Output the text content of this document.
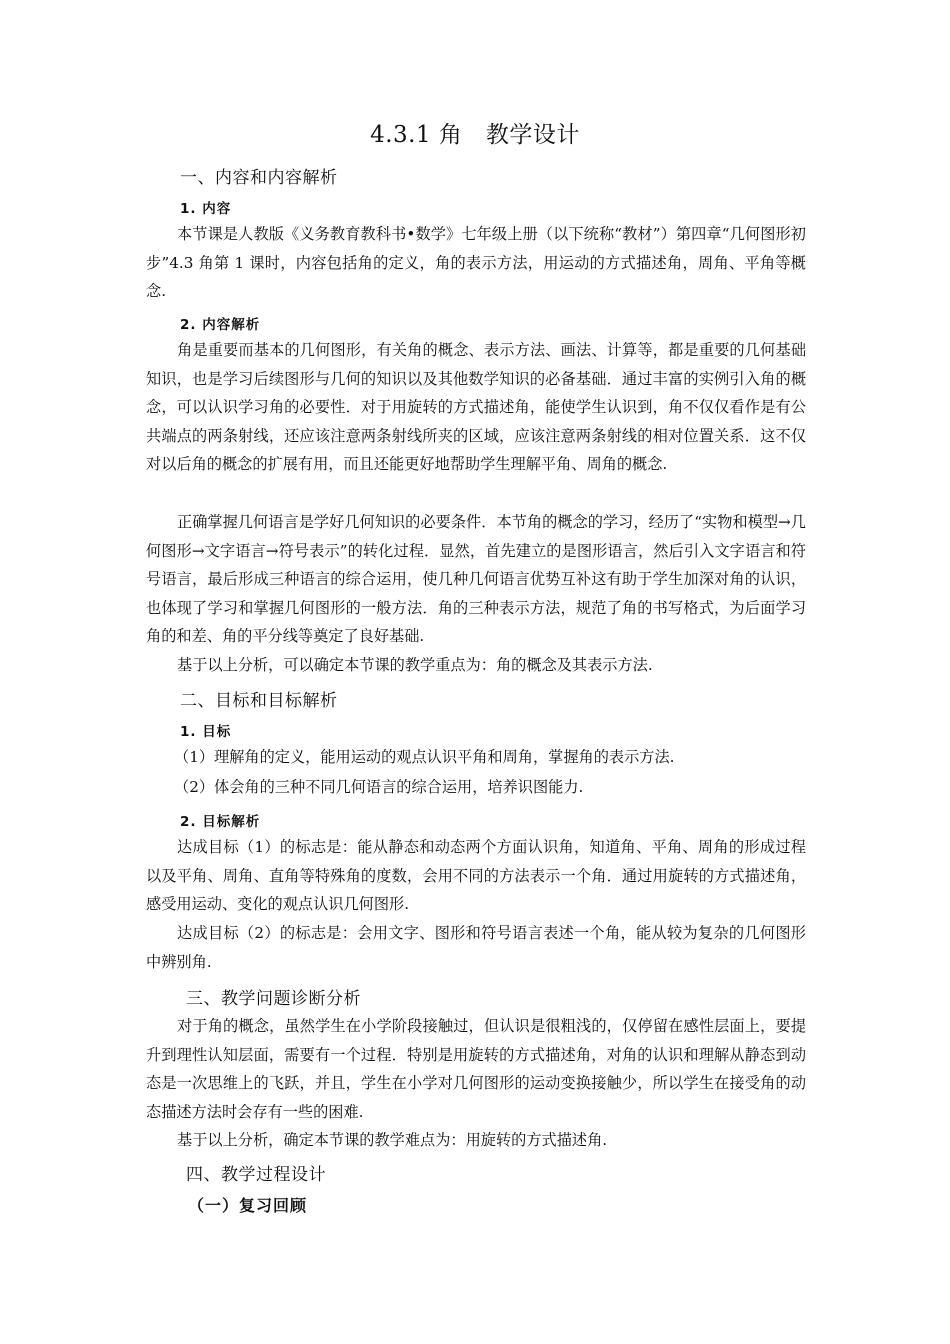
4.3.1 角　教学设计
一、内容和内容解析
1. 内容

本节课是人教版《义务教育教科书•数学》七年级上册（以下统称“教材”）第四章“几何图形初步”4.3 角第 1 课时，内容包括角的定义，角的表示方法，用运动的方式描述角，周角、平角等概念.

2. 内容解析

角是重要而基本的几何图形，有关角的概念、表示方法、画法、计算等，都是重要的几何基础知识，也是学习后续图形与几何的知识以及其他数学知识的必备基础．通过丰富的实例引入角的概念，可以认识学习角的必要性．对于用旋转的方式描述角，能使学生认识到，角不仅仅看作是有公共端点的两条射线，还应该注意两条射线所夹的区域，应该注意两条射线的相对位置关系．这不仅对以后角的概念的扩展有用，而且还能更好地帮助学生理解平角、周角的概念.

正确掌握几何语言是学好几何知识的必要条件．本节角的概念的学习，经历了“实物和模型→几何图形→文字语言→符号表示”的转化过程．显然，首先建立的是图形语言，然后引入文字语言和符号语言，最后形成三种语言的综合运用，使几种几何语言优势互补这有助于学生加深对角的认识，也体现了学习和掌握几何图形的一般方法．角的三种表示方法，规范了角的书写格式，为后面学习角的和差、角的平分线等奠定了良好基础.

基于以上分析，可以确定本节课的教学重点为：角的概念及其表示方法.

二、目标和目标解析
1. 目标

（1）理解角的定义，能用运动的观点认识平角和周角，掌握角的表示方法.

（2）体会角的三种不同几何语言的综合运用，培养识图能力.

2. 目标解析

达成目标（1）的标志是：能从静态和动态两个方面认识角，知道角、平角、周角的形成过程以及平角、周角、直角等特殊角的度数，会用不同的方法表示一个角．通过用旋转的方式描述角，感受用运动、变化的观点认识几何图形.

达成目标（2）的标志是：会用文字、图形和符号语言表述一个角，能从较为复杂的几何图形中辨别角.

三、教学问题诊断分析

对于角的概念，虽然学生在小学阶段接触过，但认识是很粗浅的，仅停留在感性层面上，要提升到理性认知层面，需要有一个过程．特别是用旋转的方式描述角，对角的认识和理解从静态到动态是一次思维上的飞跃，并且，学生在小学对几何图形的运动变换接触少，所以学生在接受角的动态描述方法时会存有一些的困难.

基于以上分析，确定本节课的教学难点为：用旋转的方式描述角.

四、教学过程设计
（一）复习回顾
